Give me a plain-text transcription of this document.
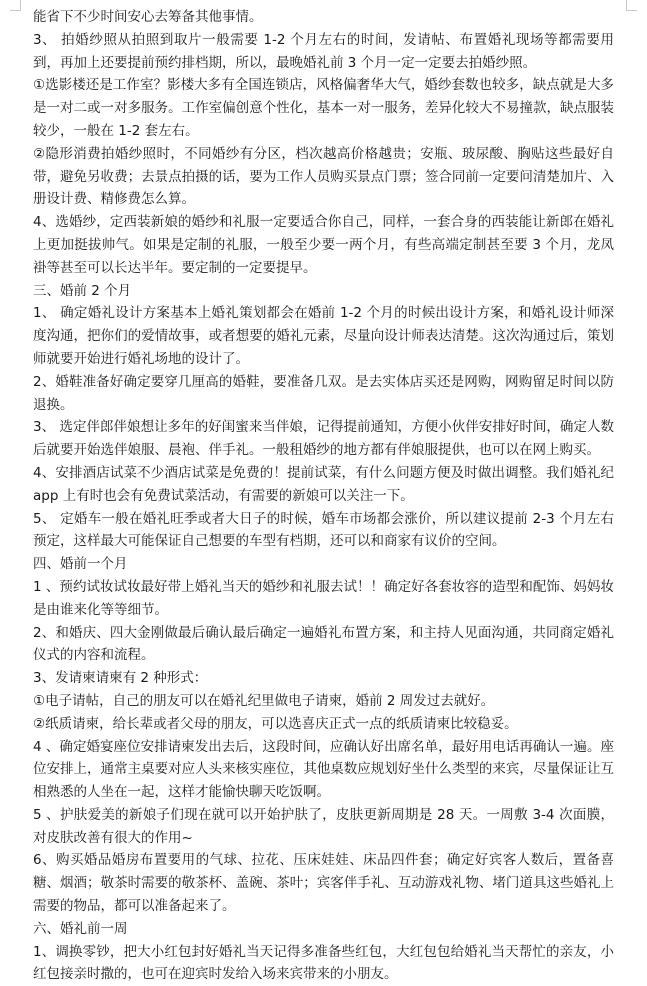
能省下不少时间安心去筹备其他事情。

3、 拍婚纱照从拍照到取片一般需要 1-2 个月左右的时间，发请帖、布置婚礼现场等都需要用到，再加上还要提前预约排档期，所以，最晚婚礼前 3 个月一定一定要去拍婚纱照。

①选影楼还是工作室？影楼大多有全国连锁店，风格偏奢华大气，婚纱套数也较多，缺点就是大多是一对二或一对多服务。工作室偏创意个性化，基本一对一服务，差异化较大不易撞款，缺点服装较少，一般在 1-2 套左右。

②隐形消费拍婚纱照时，不同婚纱有分区，档次越高价格越贵；安瓶、玻尿酸、胸贴这些最好自带，避免另收费；去景点拍摄的话，要为工作人员购买景点门票；签合同前一定要问清楚加片、入册设计费、精修费怎么算。

4、选婚纱，定西装新娘的婚纱和礼服一定要适合你自己，同样，一套合身的西装能让新郎在婚礼上更加挺拔帅气。如果是定制的礼服，一般至少要一两个月，有些高端定制甚至要 3 个月，龙凤褂等甚至可以长达半年。要定制的一定要提早。

三、婚前 2 个月

1、 确定婚礼设计方案基本上婚礼策划都会在婚前 1-2 个月的时候出设计方案，和婚礼设计师深度沟通，把你们的爱情故事，或者想要的婚礼元素，尽量向设计师表达清楚。这次沟通过后，策划师就要开始进行婚礼场地的设计了。

2、婚鞋准备好确定要穿几厘高的婚鞋，要准备几双。是去实体店买还是网购，网购留足时间以防退换。

3、 选定伴郎伴娘想让多年的好闺蜜来当伴娘，记得提前通知，方便小伙伴安排好时间，确定人数后就要开始选伴娘服、晨袍、伴手礼。一般租婚纱的地方都有伴娘服提供，也可以在网上购买。

4、安排酒店试菜不少酒店试菜是免费的！提前试菜，有什么问题方便及时做出调整。我们婚礼纪 app 上有时也会有免费试菜活动，有需要的新娘可以关注一下。

5、 定婚车一般在婚礼旺季或者大日子的时候，婚车市场都会涨价，所以建议提前 2-3 个月左右预定，这样最大可能保证自己想要的车型有档期，还可以和商家有议价的空间。

四、婚前一个月

1 、预约试妆试妆最好带上婚礼当天的婚纱和礼服去试！！确定好各套妆容的造型和配饰、妈妈妆是由谁来化等等细节。

2、和婚庆、四大金刚做最后确认最后确定一遍婚礼布置方案，和主持人见面沟通，共同商定婚礼仪式的内容和流程。

3、发请柬请柬有 2 种形式：

①电子请帖，自己的朋友可以在婚礼纪里做电子请柬，婚前 2 周发过去就好。

②纸质请柬，给长辈或者父母的朋友，可以选喜庆正式一点的纸质请柬比较稳妥。

4 、确定婚宴座位安排请柬发出去后，这段时间，应确认好出席名单，最好用电话再确认一遍。座位安排上，通常主桌要对应人头来核实座位，其他桌数应规划好坐什么类型的来宾，尽量保证让互相熟悉的人坐在一起，这样才能愉快聊天吃饭啊。

5 、护肤爱美的新娘子们现在就可以开始护肤了，皮肤更新周期是 28 天。一周敷 3-4 次面膜，对皮肤改善有很大的作用~

6、购买婚品婚房布置要用的气球、拉花、压床娃娃、床品四件套；确定好宾客人数后，置备喜糖、烟酒；敬茶时需要的敬茶杯、盖碗、茶叶；宾客伴手礼、互动游戏礼物、堵门道具这些婚礼上需要的物品，都可以准备起来了。

六、婚礼前一周

1、调换零钞，把大小红包封好婚礼当天记得多准备些红包，大红包包给婚礼当天帮忙的亲友，小红包接亲时撒的，也可在迎宾时发给入场来宾带来的小朋友。
